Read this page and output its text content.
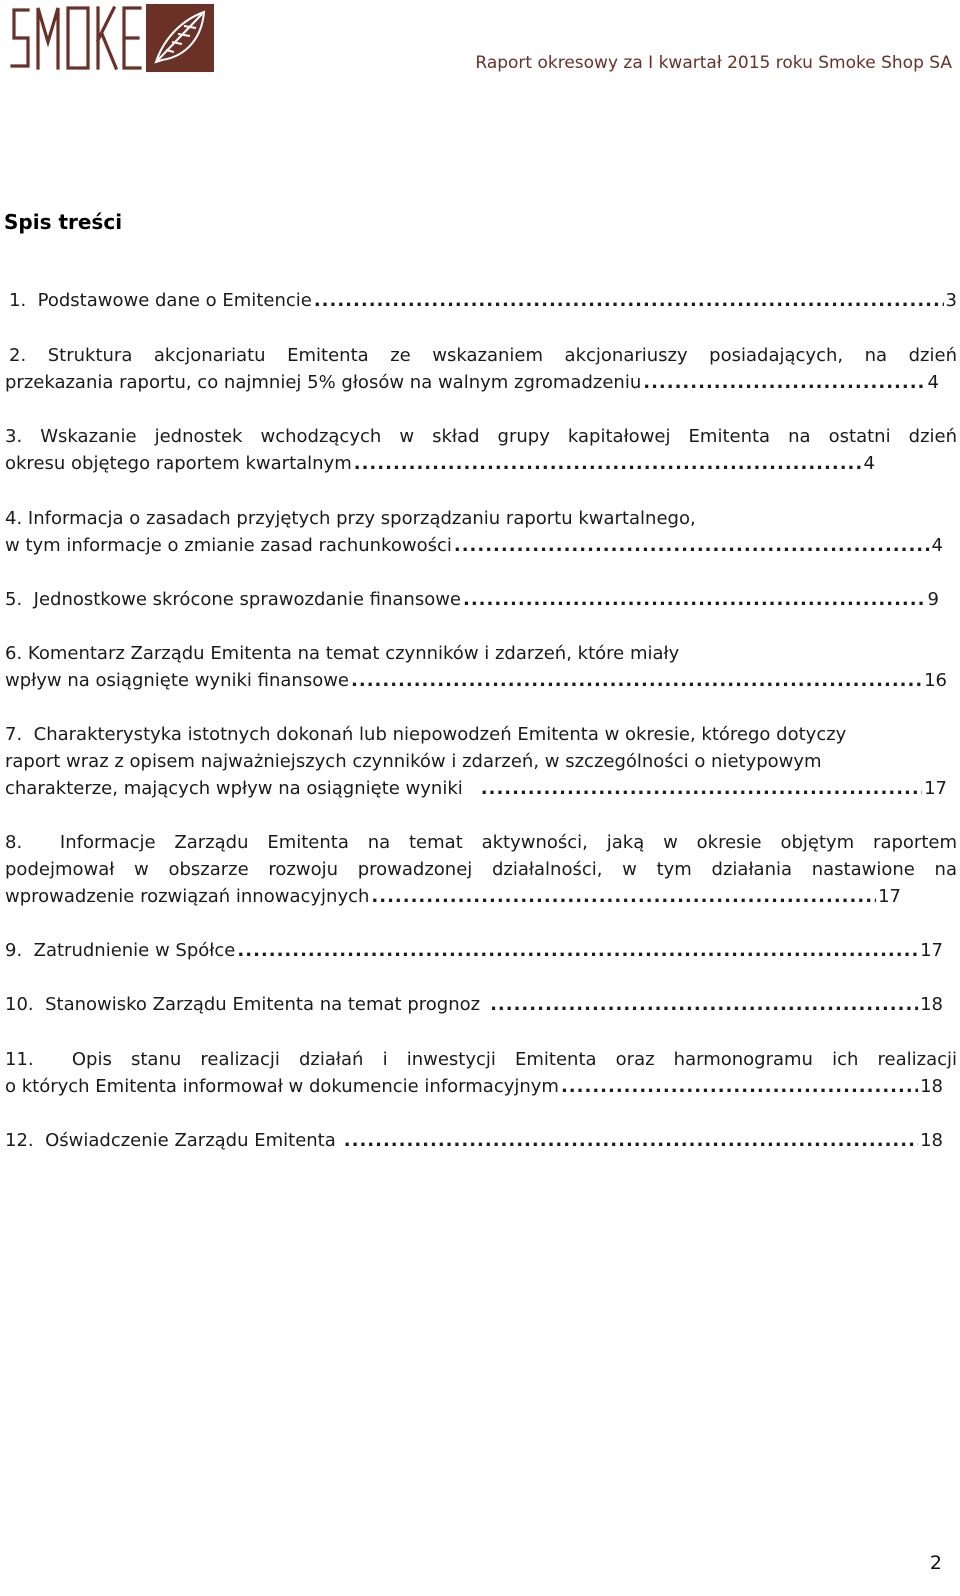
Raport okresowy za I kwartał 2015 roku Smoke Shop SA

Spis treści
1. Podstawowe dane o Emitencie .....	3
2. Struktura akcjonariatu Emitenta ze wskazaniem akcjonariuszy posiadających, na dzień
przekazania raportu, co najmniej 5% głosów na walnym zgromadzeniu .....	4
3. Wskazanie jednostek wchodzących w skład grupy kapitałowej Emitenta na ostatni dzień
okresu objętego raportem kwartalnym .....	4
4. Informacja o zasadach przyjętych przy sporządzaniu raportu kwartalnego,
w tym informacje o zmianie zasad rachunkowości .....	4
5. Jednostkowe skrócone sprawozdanie finansowe .....	9
6. Komentarz Zarządu Emitenta na temat czynników i zdarzeń, które miały
wpływ na osiągnięte wyniki finansowe .....	16
7. Charakterystyka istotnych dokonań lub niepowodzeń Emitenta w okresie, którego dotyczy
raport wraz z opisem najważniejszych czynników i zdarzeń, w szczególności o nietypowym
charakterze, mających wpływ na osiągnięte wyniki .....	17
8. Informacje Zarządu Emitenta na temat aktywności, jaką w okresie objętym raportem
podejmował w obszarze rozwoju prowadzonej działalności, w tym działania nastawione na
wprowadzenie rozwiązań innowacyjnych .....	17
9. Zatrudnienie w Spółce .....	17
10. Stanowisko Zarządu Emitenta na temat prognoz .....	18
11. Opis stanu realizacji działań i inwestycji Emitenta oraz harmonogramu ich realizacji
o których Emitenta informował w dokumencie informacyjnym .....	18
12. Oświadczenie Zarządu Emitenta .....	18
2
